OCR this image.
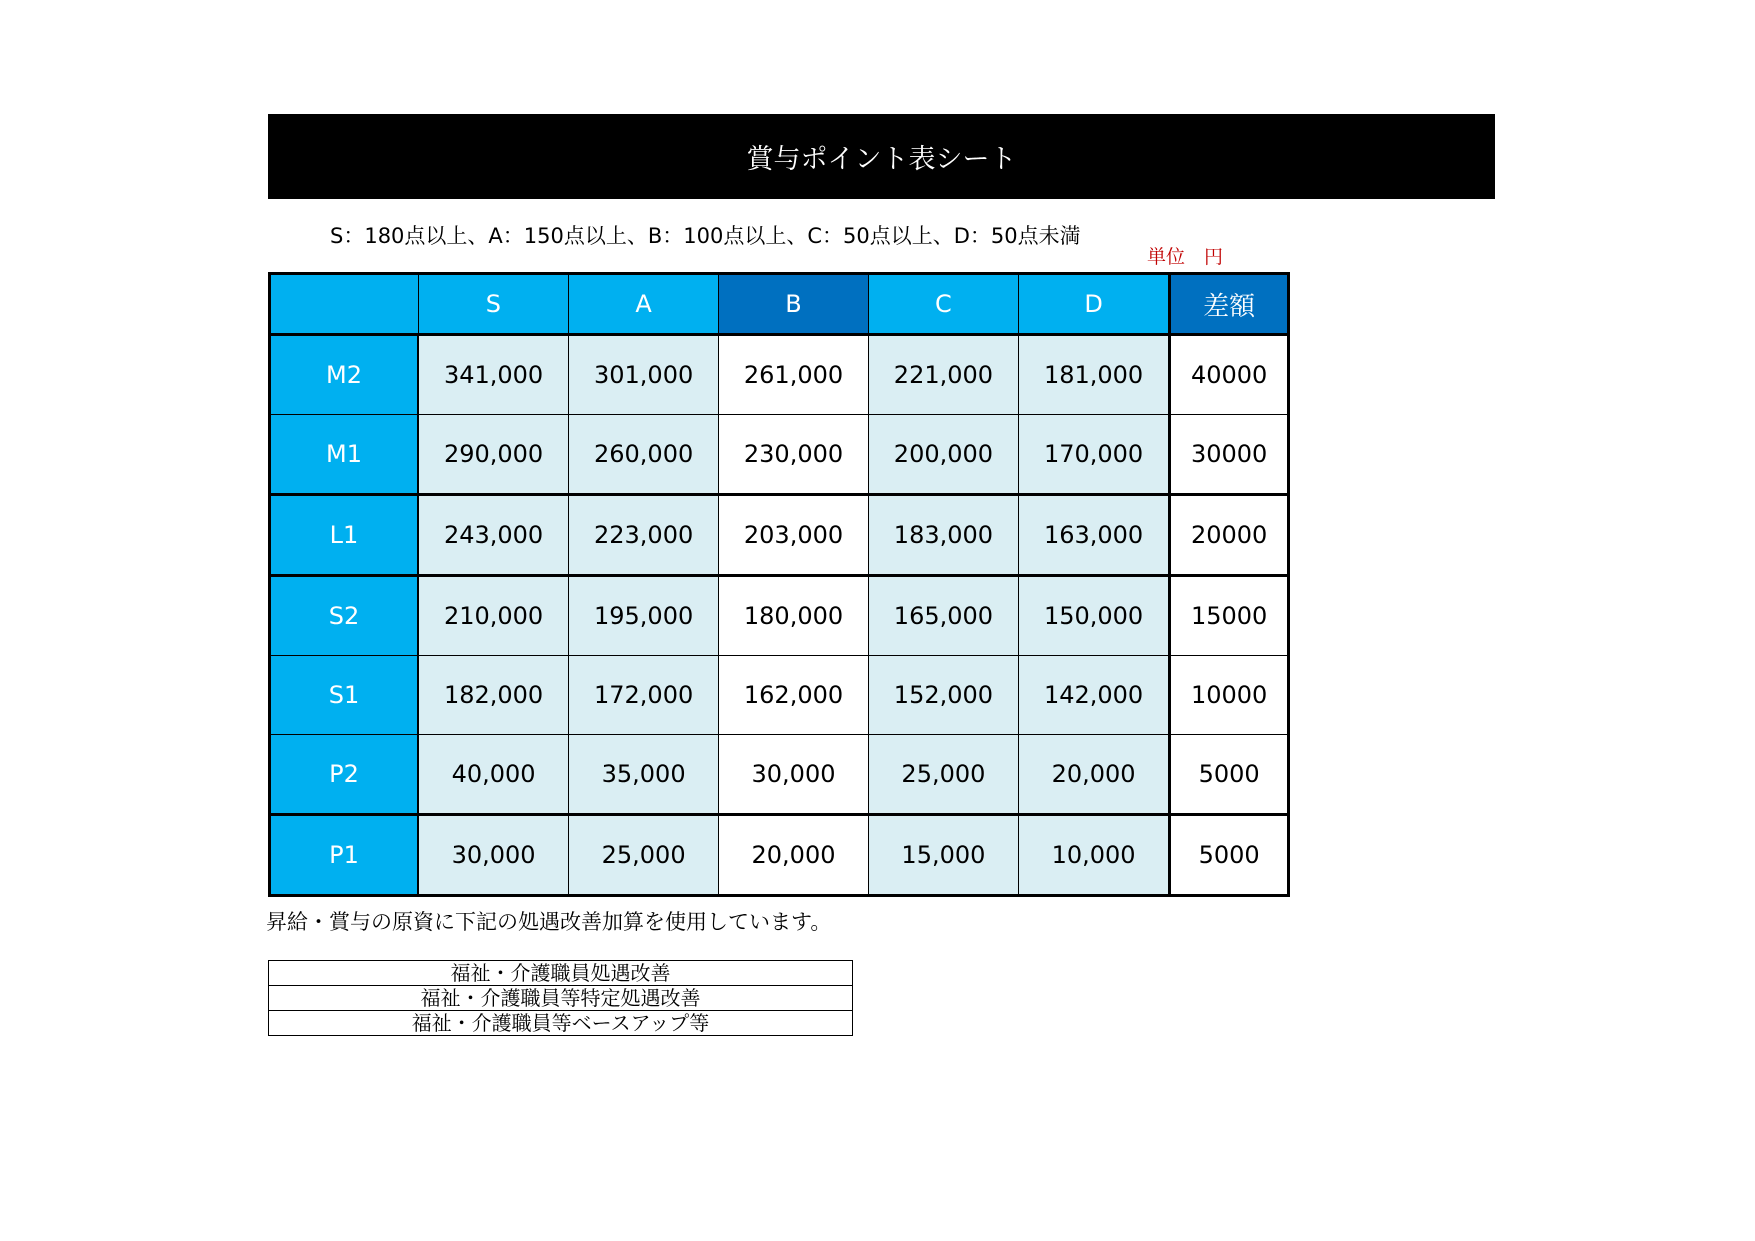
賞与ポイント表シート
S：180点以上、A：150点以上、B：100点以上、C：50点以上、D：50点未満
単位　円
	S	A	B	C	D	差額
M2	341,000	301,000	261,000	221,000	181,000	40000
M1	290,000	260,000	230,000	200,000	170,000	30000
L1	243,000	223,000	203,000	183,000	163,000	20000
S2	210,000	195,000	180,000	165,000	150,000	15000
S1	182,000	172,000	162,000	152,000	142,000	10000
P2	40,000	35,000	30,000	25,000	20,000	5000
P1	30,000	25,000	20,000	15,000	10,000	5000
昇給・賞与の原資に下記の処遇改善加算を使用しています。
福祉・介護職員処遇改善
福祉・介護職員等特定処遇改善
福祉・介護職員等ベースアップ等
